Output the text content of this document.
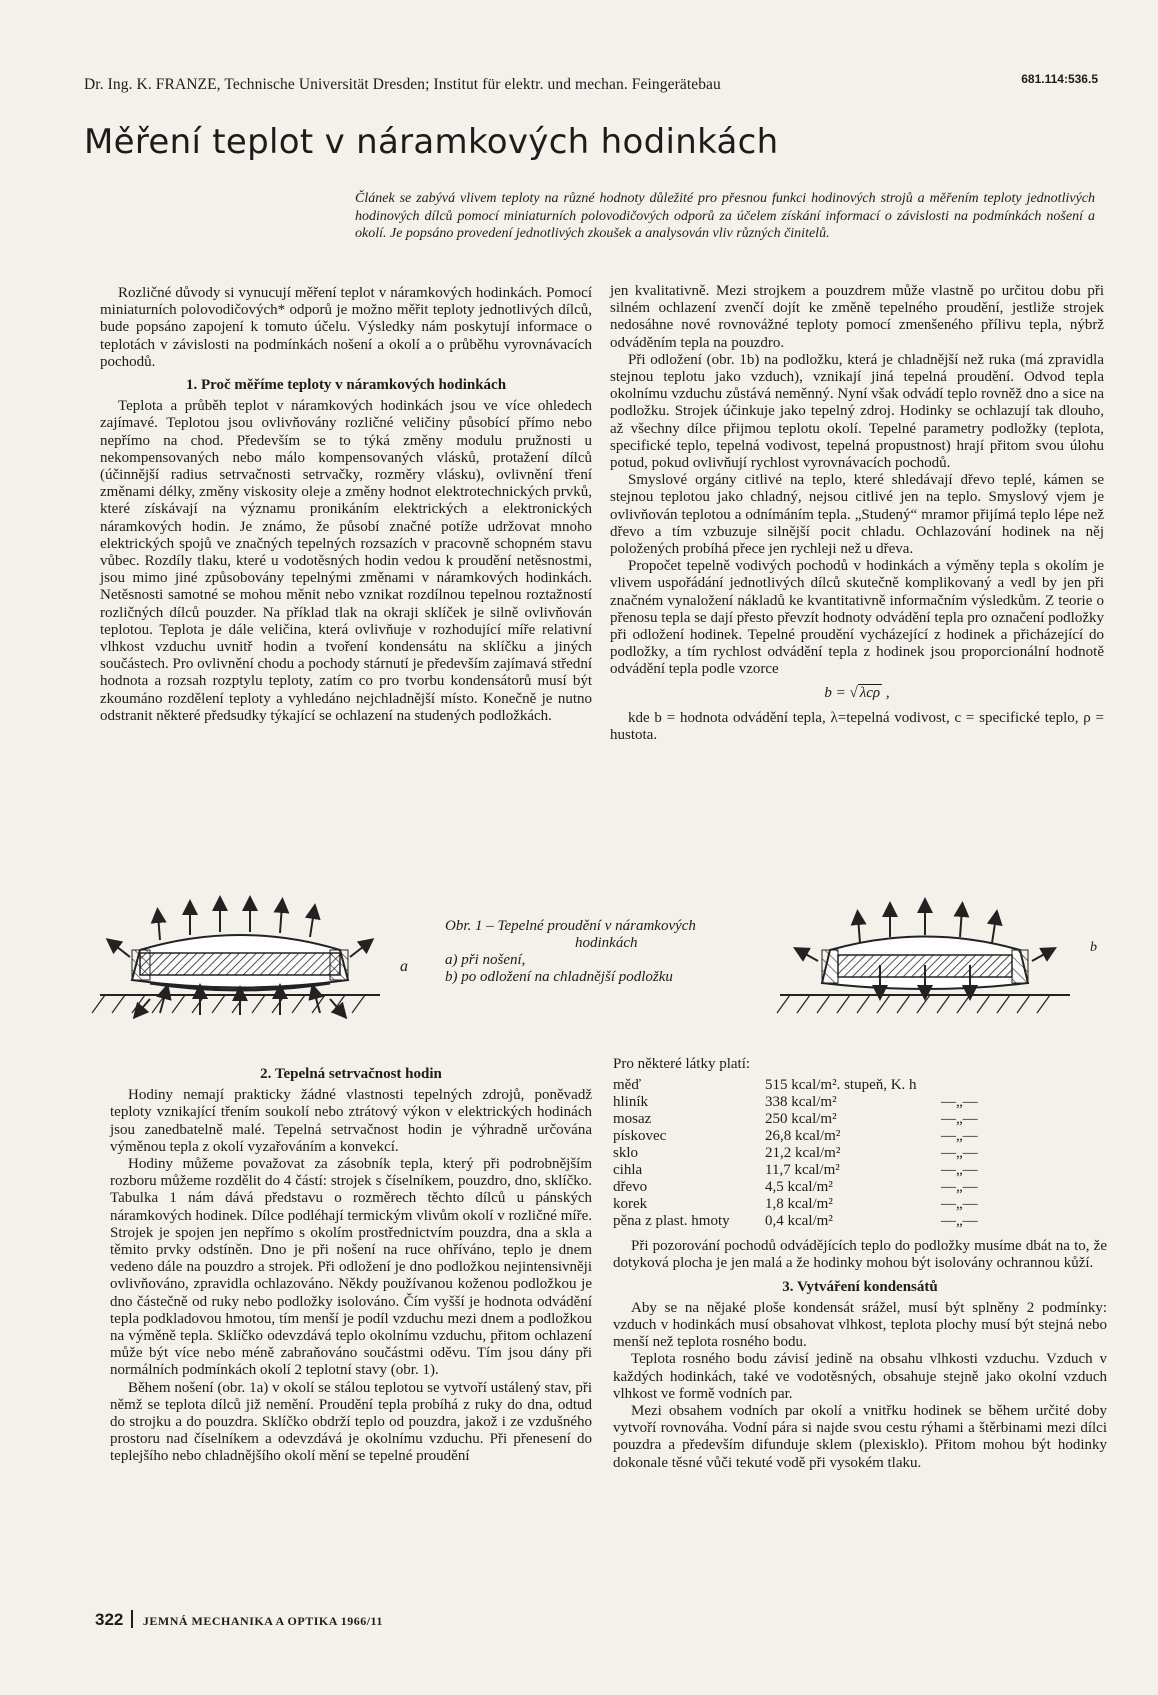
Dr. Ing. K. FRANZE, Technische Universität Dresden; Institut für elektr. und mechan. Feingerätebau	681.114:536.5
Měření teplot v náramkových hodinkách
Článek se zabývá vlivem teploty na různé hodnoty důležité pro přesnou funkci hodinových strojů a měřením teploty jednotlivých hodinových dílců pomocí miniaturních polovodičových odporů za účelem získání informací o závislosti na podmínkách nošení a okolí. Je popsáno provedení jednotlivých zkoušek a analysován vliv různých činitelů.

Rozličné důvody si vynucují měření teplot v náramkových hodinkách. Pomocí miniaturních polovodičových* odporů je možno měřit teploty jednotlivých dílců, bude popsáno zapojení k tomuto účelu. Výsledky nám poskytují informace o teplotách v závislosti na podmínkách nošení a okolí a o průběhu vyrovnávacích pochodů.

1. Proč měříme teploty v náramkových hodinkách

Teplota a průběh teplot v náramkových hodinkách jsou ve více ohledech zajímavé. Teplotou jsou ovlivňovány rozličné veličiny působící přímo nebo nepřímo na chod. Především se to týká změny modulu pružnosti u nekompensovaných nebo málo kompensovaných vlásků, protažení dílců (účinnější radius setrvačnosti setrvačky, rozměry vlásku), ovlivnění tření změnami délky, změny viskosity oleje a změny hodnot elektrotechnických prvků, které získávají na významu pronikáním elektrických a elektronických náramkových hodin. Je známo, že působí značné potíže udržovat mnoho elektrických spojů ve značných tepelných rozsazích v pracovně schopném stavu vůbec. Rozdíly tlaku, které u vodotěsných hodin vedou k proudění netěsnostmi, jsou mimo jiné způsobovány tepelnými změnami v náramkových hodinkách. Netěsnosti samotné se mohou měnit nebo vznikat rozdílnou tepelnou roztažností rozličných dílců pouzder. Na příklad tlak na okraji sklíček je silně ovlivňován teplotou. Teplota je dále veličina, která ovlivňuje v rozhodující míře relativní vlhkost vzduchu uvnitř hodin a tvoření kondensátu na sklíčku a jiných součástech. Pro ovlivnění chodu a pochody stárnutí je především zajímavá střední hodnota a rozsah rozptylu teploty, zatím co pro tvorbu kondensátorů musí být zkoumáno rozdělení teploty a vyhledáno nejchladnější místo. Konečně je nutno odstranit některé předsudky týkající se ochlazení na studených podložkách.

jen kvalitativně. Mezi strojkem a pouzdrem může vlastně po určitou dobu při silném ochlazení zvenčí dojít ke změně tepelného proudění, jestliže strojek nedosáhne nové rovnovážné teploty pomocí zmenšeného přílivu tepla, nýbrž odváděním tepla na pouzdro.

Při odložení (obr. 1b) na podložku, která je chladnější než ruka (má zpravidla stejnou teplotu jako vzduch), vznikají jiná tepelná proudění. Odvod tepla okolnímu vzduchu zůstává neměnný. Nyní však odvádí teplo rovněž dno a sice na podložku. Strojek účinkuje jako tepelný zdroj. Hodinky se ochlazují tak dlouho, až všechny dílce přijmou teplotu okolí. Tepelné parametry podložky (teplota, specifické teplo, tepelná vodivost, tepelná propustnost) hrají přitom svou úlohu potud, pokud ovlivňují rychlost vyrovnávacích pochodů.

Smyslové orgány citlivé na teplo, které shledávají dřevo teplé, kámen se stejnou teplotou jako chladný, nejsou citlivé jen na teplo. Smyslový vjem je ovlivňován teplotou a odnímáním tepla. „Studený“ mramor přijímá teplo lépe než dřevo a tím vzbuzuje silnější pocit chladu. Ochlazování hodinek na něj položených probíhá přece jen rychleji než u dřeva.

Propočet tepelně vodivých pochodů v hodinkách a výměny tepla s okolím je vlivem uspořádání jednotlivých dílců skutečně komplikovaný a vedl by jen při značném vynaložení nákladů ke kvantitativně informačním výsledkům. Z teorie o přenosu tepla se dají přesto převzít hodnoty odvádění tepla pro označení podložky při odložení hodinek. Tepelné proudění vycházející z hodinek a přicházející do podložky, a tím rychlost odvádění tepla z hodinek jsou proporcionální hodnotě odvádění tepla podle vzorce

b = √ λcρ ,

kde b = hodnota odvádění tepla, λ=tepelná vodivost, c = specifické teplo, ρ = hustota.

Obr. 1 – Tepelné proudění v náramkových
hodinkách
a) při nošení,
b) po odložení na chladnější podložku
a
b
2. Tepelná setrvačnost hodin

Hodiny nemají prakticky žádné vlastnosti tepelných zdrojů, poněvadž teploty vznikající třením soukolí nebo ztrátový výkon v elektrických hodinách jsou zanedbatelně malé. Tepelná setrvačnost hodin je výhradně určována výměnou tepla z okolí vyzařováním a konvekcí.

Hodiny můžeme považovat za zásobník tepla, který při podrobnějším rozboru můžeme rozdělit do 4 částí: strojek s číselníkem, pouzdro, dno, sklíčko. Tabulka 1 nám dává představu o rozměrech těchto dílců u pánských náramkových hodinek. Dílce podléhají termickým vlivům okolí v rozličné míře. Strojek je spojen jen nepřímo s okolím prostřednictvím pouzdra, dna a skla a těmito prvky odstíněn. Dno je při nošení na ruce ohříváno, teplo je dnem vedeno dále na pouzdro a strojek. Při odložení je dno podložkou nejintensivněji ovlivňováno, zpravidla ochlazováno. Někdy používanou koženou podložkou je dno částečně od ruky nebo podložky isolováno. Čím vyšší je hodnota odvádění tepla podkladovou hmotou, tím menší je podíl vzduchu mezi dnem a podložkou na výměně tepla. Sklíčko odevzdává teplo okolnímu vzduchu, přitom ochlazení může být více nebo méně zabraňováno součástmi oděvu. Tím jsou dány při normálních podmínkách okolí 2 teplotní stavy (obr. 1).

Během nošení (obr. 1a) v okolí se stálou teplotou se vytvoří ustálený stav, při němž se teplota dílců již nemění. Proudění tepla probíhá z ruky do dna, odtud do strojku a do pouzdra. Sklíčko obdrží teplo od pouzdra, jakož i ze vzdušného prostoru nad číselníkem a odevzdává je okolnímu vzduchu. Při přenesení do teplejšího nebo chladnějšího okolí mění se tepelné proudění

Pro některé látky platí:

měď	515 kcal/m². stupeň, K. h	
hliník	338 kcal/m²	—„—
mosaz	250 kcal/m²	—„—
pískovec	26,8 kcal/m²	—„—
sklo	21,2 kcal/m²	—„—
cihla	11,7 kcal/m²	—„—
dřevo	4,5 kcal/m²	—„—
korek	1,8 kcal/m²	—„—
pěna z plast. hmoty	0,4 kcal/m²	—„—

Při pozorování pochodů odvádějících teplo do podložky musíme dbát na to, že dotyková plocha je jen malá a že hodinky mohou být isolovány ochrannou kůží.

3. Vytváření kondensátů

Aby se na nějaké ploše kondensát srážel, musí být splněny 2 podmínky: vzduch v hodinkách musí obsahovat vlhkost, teplota plochy musí být stejná nebo menší než teplota rosného bodu.

Teplota rosného bodu závisí jedině na obsahu vlhkosti vzduchu. Vzduch v každých hodinkách, také ve vodotěsných, obsahuje stejně jako okolní vzduch vlhkost ve formě vodních par.

Mezi obsahem vodních par okolí a vnitřku hodinek se během určité doby vytvoří rovnováha. Vodní pára si najde svou cestu rýhami a štěrbinami mezi dílci pouzdra a především difunduje sklem (plexisklo). Přitom mohou být hodinky dokonale těsné vůči tekuté vodě při vysokém tlaku.

322 JEMNÁ MECHANIKA A OPTIKA 1966/11
